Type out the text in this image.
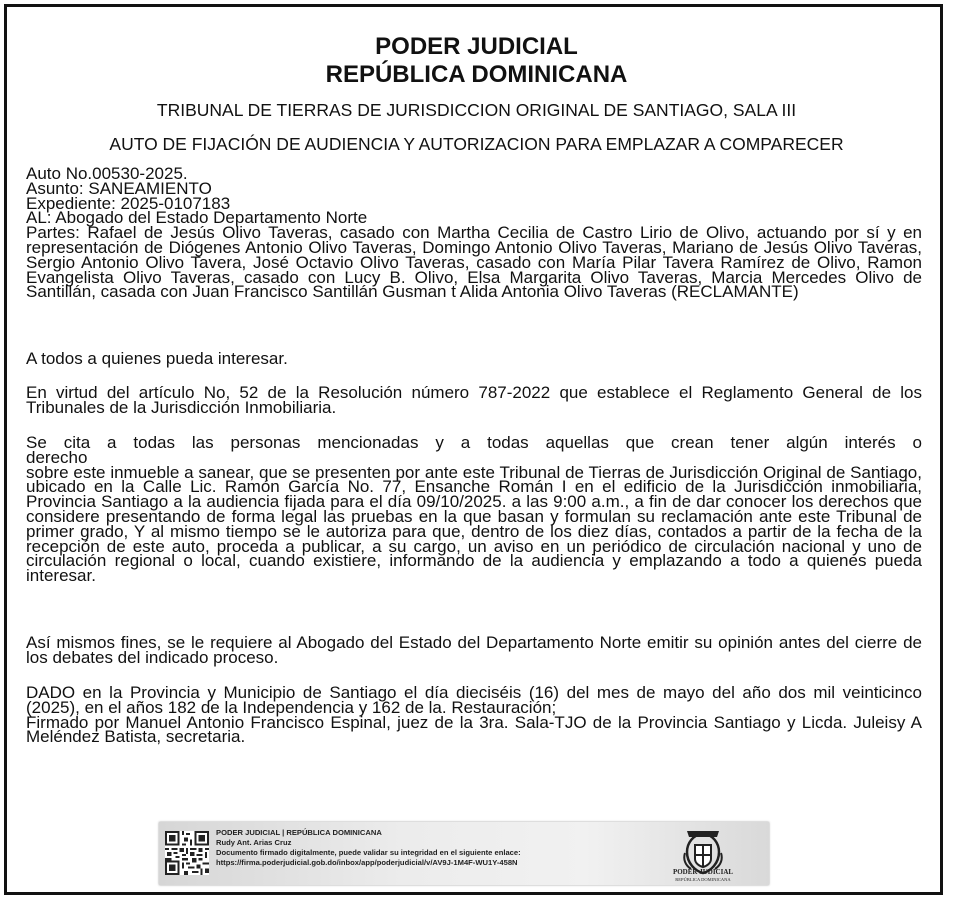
PODER JUDICIAL
REPÚBLICA DOMINICANA
TRIBUNAL DE TIERRAS DE JURISDICCION ORIGINAL DE SANTIAGO, SALA III
AUTO DE FIJACIÓN DE AUDIENCIA Y AUTORIZACION PARA EMPLAZAR A COMPARECER

Auto No.00530-2025.

Asunto: SANEAMIENTO

Expediente: 2025-0107183

AL: Abogado del Estado Departamento Norte

Partes: Rafael de Jesús Olivo Taveras, casado con Martha Cecilia de Castro Lirio de Olivo, actuando por sí y en representación de Diógenes Antonio Olivo Taveras, Domingo Antonio Olivo Taveras, Mariano de Jesús Olivo Taveras, Sergio Antonio Olivo Tavera, José Octavio Olivo Taveras, casado con María Pilar Tavera Ramírez de Olivo, Ramon Evangelista Olivo Taveras, casado con Lucy B. Olivo, Elsa Margarita Olivo Taveras, Marcia Mercedes Olivo de Santillán, casada con Juan Francisco Santillán Gusman t Alida Antonia Olivo Taveras (RECLAMANTE)

A todos a quienes pueda interesar.

En virtud del artículo No, 52 de la Resolución número 787-2022 que establece el Reglamento General de los Tribunales de la Jurisdicción Inmobiliaria.

Se cita a todas las personas mencionadas y a todas aquellas que crean tener algún interés o

derecho

sobre este inmueble a sanear, que se presenten por ante este Tribunal de Tierras de Jurisdicción Original de Santiago, ubicado en la Calle Lic. Ramón García No. 77, Ensanche Román I en el edificio de la Jurisdicción inmobiliaria, Provincia Santiago a la audiencia fijada para el día 09/10/2025. a las 9:00 a.m., a fin de dar conocer los derechos que considere presentando de forma legal las pruebas en la que basan y formulan su reclamación ante este Tribunal de primer grado, Y al mismo tiempo se le autoriza para que, dentro de los diez días, contados a partir de la fecha de la recepción de este auto, proceda a publicar, a su cargo, un aviso en un periódico de circulación nacional y uno de circulación regional o local, cuando existiere, informando de la audiencia y emplazando a todo a quienes pueda interesar.

Así mismos fines, se le requiere al Abogado del Estado del Departamento Norte emitir su opinión antes del cierre de los debates del indicado proceso.

DADO en la Provincia y Municipio de Santiago el día dieciséis (16) del mes de mayo del año dos mil veinticinco (2025), en el años 182 de la Independencia y 162 de la. Restauración;

Firmado por Manuel Antonio Francisco Espinal, juez de la 3ra. Sala-TJO de la Provincia Santiago y Licda. Juleisy A Meléndez Batista, secretaria.

PODER JUDICIAL | REPÚBLICA DOMINICANA
Rudy Ant. Arias Cruz
Documento firmado digitalmente, puede validar su integridad en el siguiente enlace:
https://firma.poderjudicial.gob.do/inbox/app/poderjudicial/v/AV9J-1M4F-WU1Y-458N
PODER JUDICIAL
REPÚBLICA DOMINICANA
